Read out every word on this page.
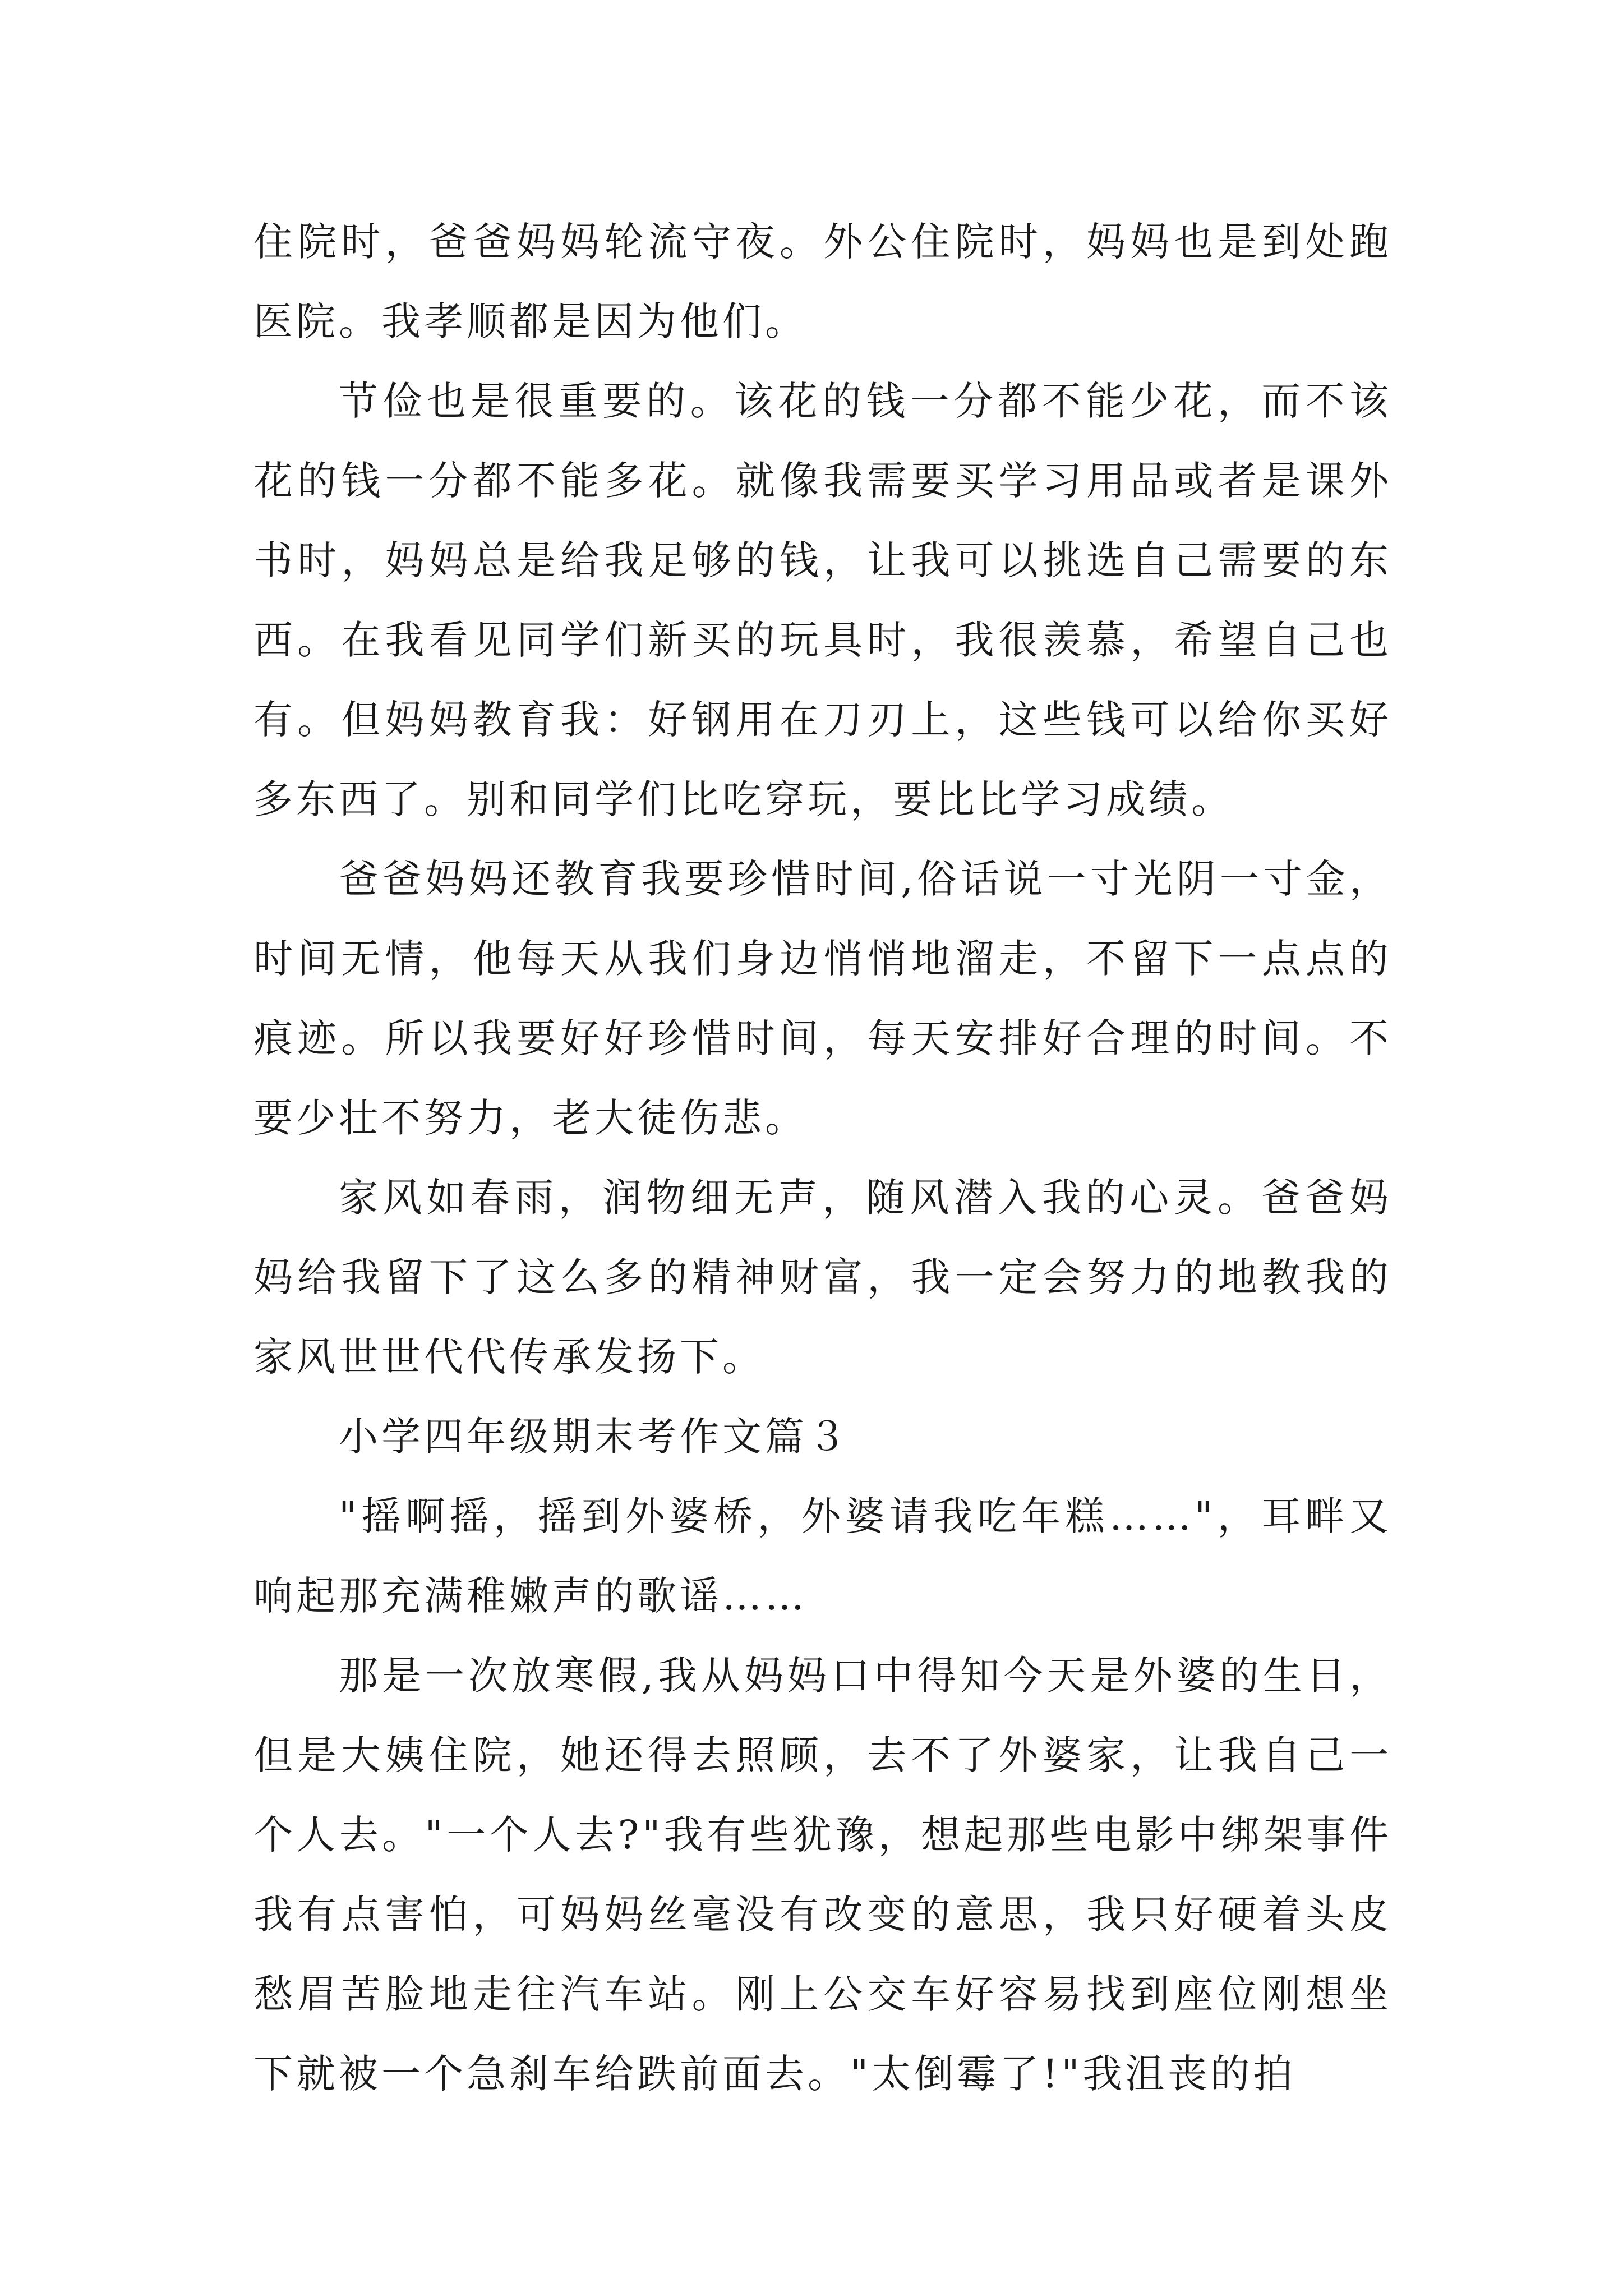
住院时，爸爸妈妈轮流守夜。外公住院时，妈妈也是到处跑医院。我孝顺都是因为他们。

节俭也是很重要的。该花的钱一分都不能少花，而不该花的钱一分都不能多花。就像我需要买学习用品或者是课外书时，妈妈总是给我足够的钱，让我可以挑选自己需要的东西。在我看见同学们新买的玩具时，我很羡慕，希望自己也有。但妈妈教育我：好钢用在刀刃上，这些钱可以给你买好多东西了。别和同学们比吃穿玩，要比比学习成绩。

爸爸妈妈还教育我要珍惜时间,俗话说一寸光阴一寸金，时间无情，他每天从我们身边悄悄地溜走，不留下一点点的痕迹。所以我要好好珍惜时间，每天安排好合理的时间。不要少壮不努力，老大徒伤悲。

家风如春雨，润物细无声，随风潜入我的心灵。爸爸妈妈给我留下了这么多的精神财富，我一定会努力的地教我的家风世世代代传承发扬下。

小学四年级期末考作文篇３

"摇啊摇，摇到外婆桥，外婆请我吃年糕……"，耳畔又响起那充满稚嫩声的歌谣……

那是一次放寒假,我从妈妈口中得知今天是外婆的生日，但是大姨住院，她还得去照顾，去不了外婆家，让我自己一个人去。"一个人去?"我有些犹豫，想起那些电影中绑架事件我有点害怕，可妈妈丝毫没有改变的意思，我只好硬着头皮愁眉苦脸地走往汽车站。刚上公交车好容易找到座位刚想坐下就被一个急刹车给跌前面去。"太倒霉了!"我沮丧的拍
